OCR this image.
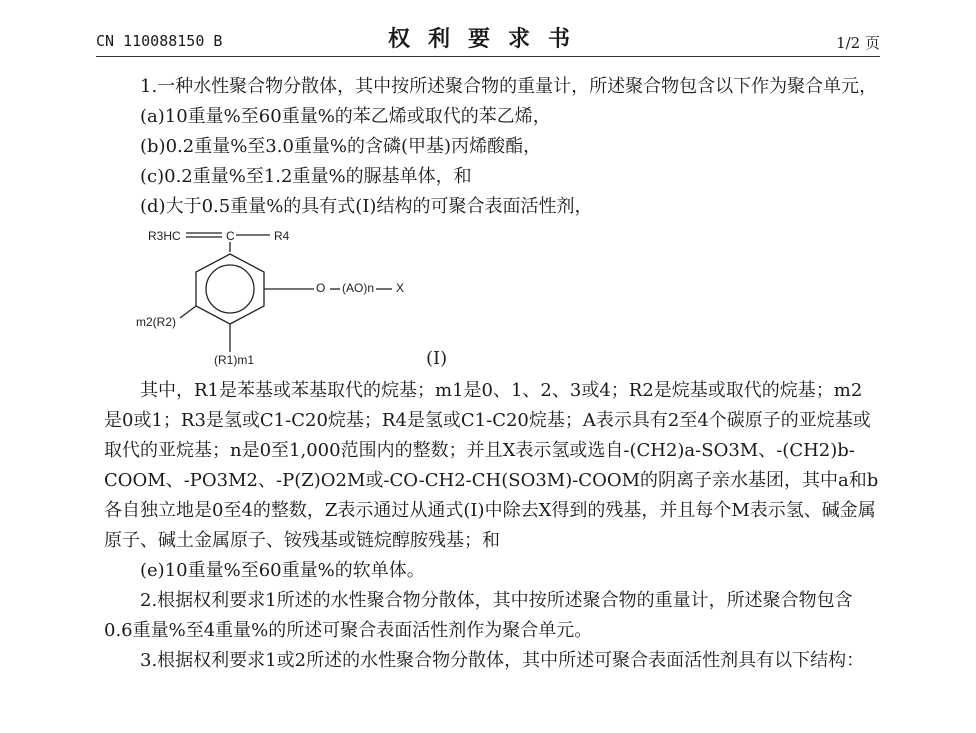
CN 110088150 B	权利要求书	1/2 页

1.一种水性聚合物分散体，其中按所述聚合物的重量计，所述聚合物包含以下作为聚合单元，

(a)10重量%至60重量%的苯乙烯或取代的苯乙烯，

(b)0.2重量%至3.0重量%的含磷(甲基)丙烯酸酯，

(c)0.2重量%至1.2重量%的脲基单体，和

(d)大于0.5重量%的具有式(I)结构的可聚合表面活性剂，

R3HC	C	R4
O (AO)n X
m2(R2)
(R1)m1	(I)

其中，R1是苯基或苯基取代的烷基；m1是0、1、2、3或4；R2是烷基或取代的烷基；m2是0或1；R3是氢或C1-C20烷基；R4是氢或C1-C20烷基；A表示具有2至4个碳原子的亚烷基或取代的亚烷基；n是0至1,000范围内的整数；并且X表示氢或选自-(CH2)a-SO3M、-(CH2)b-COOM、-PO3M2、-P(Z)O2M或-CO-CH2-CH(SO3M)-COOM的阴离子亲水基团，其中a和b各自独立地是0至4的整数，Z表示通过从通式(I)中除去X得到的残基，并且每个M表示氢、碱金属原子、碱土金属原子、铵残基或链烷醇胺残基；和

(e)10重量%至60重量%的软单体。

2.根据权利要求1所述的水性聚合物分散体，其中按所述聚合物的重量计，所述聚合物包含0.6重量%至4重量%的所述可聚合表面活性剂作为聚合单元。

3.根据权利要求1或2所述的水性聚合物分散体，其中所述可聚合表面活性剂具有以下结构：
